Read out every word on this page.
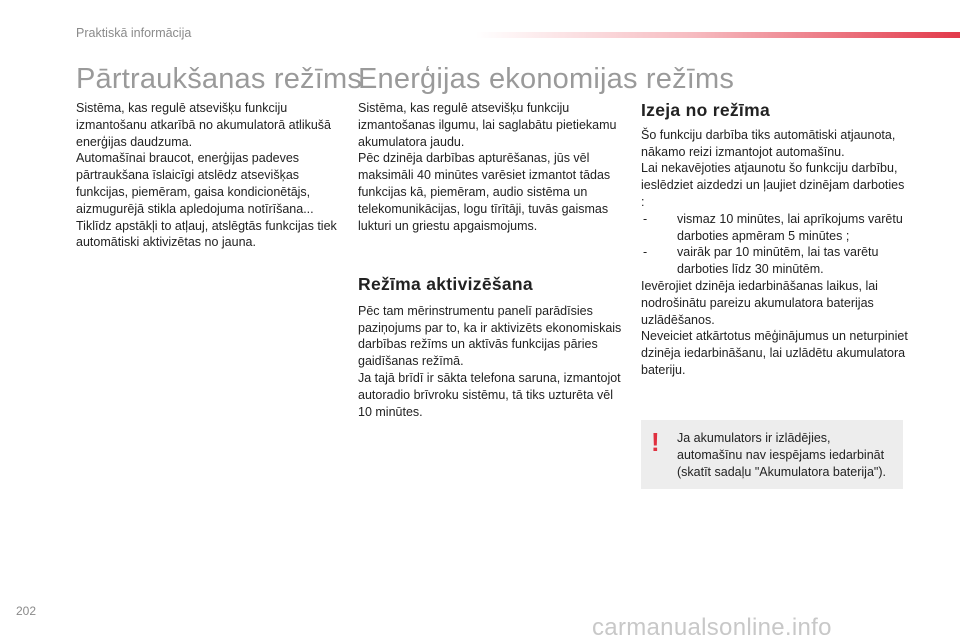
Praktiskā informācija
Pārtraukšanas režīms
Enerģijas ekonomijas režīms

Sistēma, kas regulē atsevišķu funkciju izmantošanu atkarībā no akumulatorā atlikušā enerģijas daudzuma.

Automašīnai braucot, enerģijas padeves pārtraukšana īslaicīgi atslēdz atsevišķas funkcijas, piemēram, gaisa kondicionētājs, aizmugurējā stikla apledojuma notīrīšana...

Tiklīdz apstākļi to atļauj, atslēgtās funkcijas tiek automātiski aktivizētas no jauna.

Sistēma, kas regulē atsevišķu funkciju izmantošanas ilgumu, lai saglabātu pietiekamu akumulatora jaudu.

Pēc dzinēja darbības apturēšanas, jūs vēl maksimāli 40 minūtes varēsiet izmantot tādas funkcijas kā, piemēram, audio sistēma un telekomunikācijas, logu tīrītāji, tuvās gaismas lukturi un griestu apgaismojums.

Režīma aktivizēšana

Pēc tam mērinstrumentu panelī parādīsies paziņojums par to, ka ir aktivizēts ekonomiskais darbības režīms un aktīvās funkcijas pāries gaidīšanas režīmā.

Ja tajā brīdī ir sākta telefona saruna, izmantojot autoradio brīvroku sistēmu, tā tiks uzturēta vēl 10 minūtes.

Izeja no režīma

Šo funkciju darbība tiks automātiski atjaunota, nākamo reizi izmantojot automašīnu.

Lai nekavējoties atjaunotu šo funkciju darbību, ieslēdziet aizdedzi un ļaujiet dzinējam darboties :

- vismaz 10 minūtes, lai aprīkojums varētu darboties apmēram 5 minūtes ;
- vairāk par 10 minūtēm, lai tas varētu darboties līdz 30 minūtēm.

Ievērojiet dzinēja iedarbināšanas laikus, lai nodrošinātu pareizu akumulatora baterijas uzlādēšanos.

Neveiciet atkārtotus mēģinājumus un neturpiniet dzinēja iedarbināšanu, lai uzlādētu akumulatora bateriju.

! Ja akumulators ir izlādējies, automašīnu nav iespējams iedarbināt (skatīt sadaļu "Akumulatora baterija").
202
carmanualsonline.info
